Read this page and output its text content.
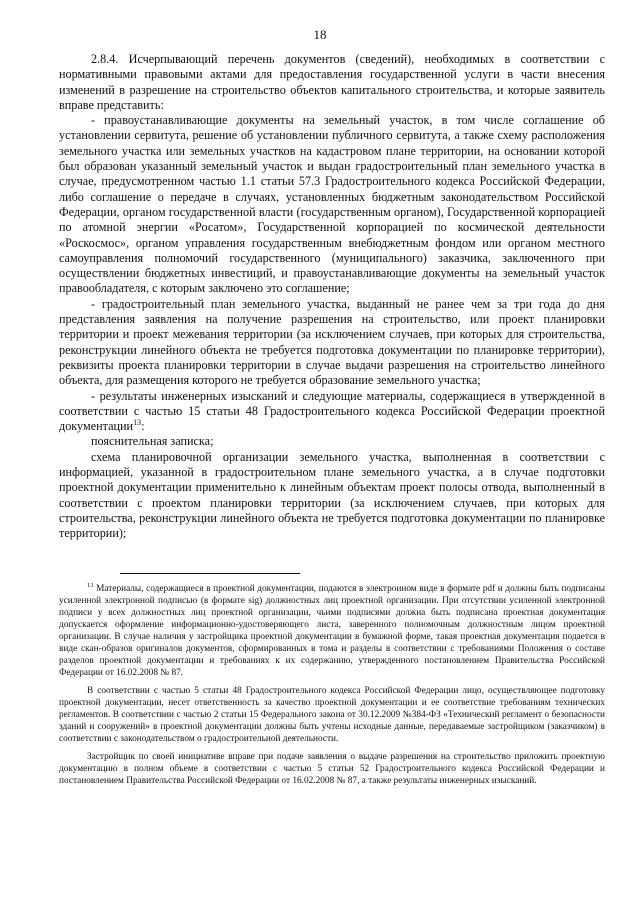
18

2.8.4. Исчерпывающий перечень документов (сведений), необходимых в соответствии с нормативными правовыми актами для предоставления государственной услуги в части внесения изменений в разрешение на строительство объектов капитального строительства, и которые заявитель вправе представить:

- правоустанавливающие документы на земельный участок, в том числе соглашение об установлении сервитута, решение об установлении публичного сервитута, а также схему расположения земельного участка или земельных участков на кадастровом плане территории, на основании которой был образован указанный земельный участок и выдан градостроительный план земельного участка в случае, предусмотренном частью 1.1 статьи 57.3 Градостроительного кодекса Российской Федерации, либо соглашение о передаче в случаях, установленных бюджетным законодательством Российской Федерации, органом государственной власти (государственным органом), Государственной корпорацией по атомной энергии «Росатом», Государственной корпорацией по космической деятельности «Роскосмос», органом управления государственным внебюджетным фондом или органом местного самоуправления полномочий государственного (муниципального) заказчика, заключенного при осуществлении бюджетных инвестиций, и правоустанавливающие документы на земельный участок правообладателя, с которым заключено это соглашение;

- градостроительный план земельного участка, выданный не ранее чем за три года до дня представления заявления на получение разрешения на строительство, или проект планировки территории и проект межевания территории (за исключением случаев, при которых для строительства, реконструкции линейного объекта не требуется подготовка документации по планировке территории), реквизиты проекта планировки территории в случае выдачи разрешения на строительство линейного объекта, для размещения которого не требуется образование земельного участка;

- результаты инженерных изысканий и следующие материалы, содержащиеся в утвержденной в соответствии с частью 15 статьи 48 Градостроительного кодекса Российской Федерации проектной документации$^{13}$:

пояснительная записка;

схема планировочной организации земельного участка, выполненная в соответствии с информацией, указанной в градостроительном плане земельного участка, а в случае подготовки проектной документации применительно к линейным объектам проект полосы отвода, выполненный в соответствии с проектом планировки территории (за исключением случаев, при которых для строительства, реконструкции линейного объекта не требуется подготовка документации по планировке территории);

$^{13}$ Материалы, содержащиеся в проектной документации, подаются в электронном виде в формате pdf и должны быть подписаны усиленной электронной подписью (в формате sig) должностных лиц проектной организации. При отсутствии усиленной электронной подписи у всех должностных лиц проектной организации, чьими подписями должна быть подписана проектная документация допускается оформление информационно-удостоверяющего листа, заверенного полномочным должностным лицом проектной организации. В случае наличия у застройщика проектной документации в бумажной форме, такая проектная документация подается в виде скан-образов оригиналов документов, сформированных в тома и разделы в соответствии с требованиями Положения о составе разделов проектной документации и требованиях к их содержанию, утвержденного постановлением Правительства Российской Федерации от 16.02.2008 № 87.

В соответствии с частью 5 статьи 48 Градостроительного кодекса Российской Федерации лицо, осуществляющее подготовку проектной документации, несет ответственность за качество проектной документации и ее соответствие требованиям технических регламентов. В соответствии с частью 2 статьи 15 Федерального закона от 30.12.2009 №384-ФЗ «Технический регламент о безопасности зданий и сооружений» в проектной документации должны быть учтены исходные данные, передаваемые застройщиком (заказчиком) в соответствии с законодательством о градостроительной деятельности.

Застройщик по своей инициативе вправе при подаче заявления о выдаче разрешения на строительство приложить проектную документацию в полном объеме в соответствии с частью 5 статьи 52 Градостроительного кодекса Российской Федерации и постановлением Правительства Российской Федерации от 16.02.2008 № 87, а также результаты инженерных изысканий.
